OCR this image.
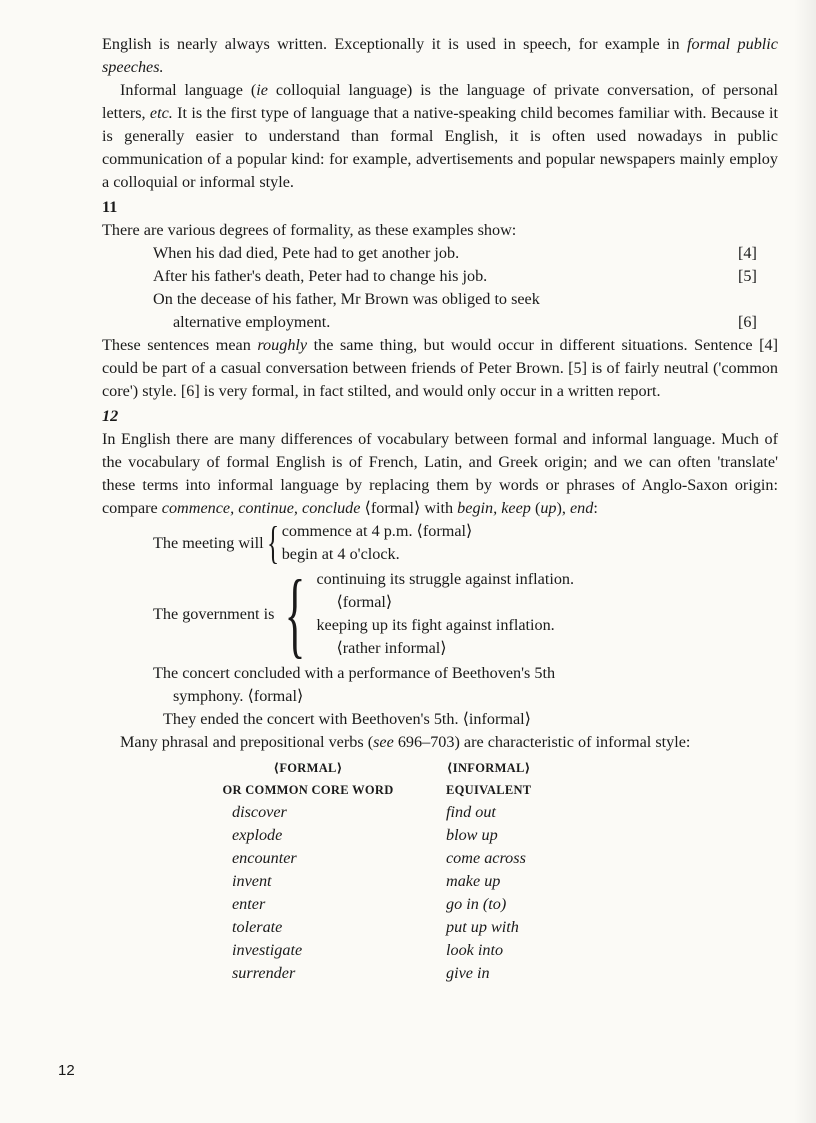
English is nearly always written. Exceptionally it is used in speech, for example in formal public speeches.

Informal language (ie colloquial language) is the language of private conversation, of personal letters, etc. It is the first type of language that a native-speaking child becomes familiar with. Because it is generally easier to understand than formal English, it is often used nowadays in public communication of a popular kind: for example, advertisements and popular newspapers mainly employ a colloquial or informal style.

11

There are various degrees of formality, as these examples show:

When his dad died, Pete had to get another job.	[4]
After his father's death, Peter had to change his job.	[5]
On the decease of his father, Mr Brown was obliged to seek
alternative employment.	[6]

These sentences mean roughly the same thing, but would occur in different situations. Sentence [4] could be part of a casual conversation between friends of Peter Brown. [5] is of fairly neutral ('common core') style. [6] is very formal, in fact stilted, and would only occur in a written report.

12

In English there are many differences of vocabulary between formal and informal language. Much of the vocabulary of formal English is of French, Latin, and Greek origin; and we can often 'translate' these terms into informal language by replacing them by words or phrases of Anglo-Saxon origin: compare commence, continue, conclude ⟨formal⟩ with begin, keep (up), end:

The meeting will { commence at 4 p.m. ⟨formal⟩
begin at 4 o'clock.
The government is { continuing its struggle against inflation.
⟨formal⟩
keeping up its fight against inflation.
⟨rather informal⟩
The concert concluded with a performance of Beethoven's 5th
symphony. ⟨formal⟩
They ended the concert with Beethoven's 5th. ⟨informal⟩

Many phrasal and prepositional verbs (see 696–703) are characteristic of informal style:

⟨FORMAL⟩	⟨INFORMAL⟩
OR COMMON CORE WORD	EQUIVALENT
discover	find out
explode	blow up
encounter	come across
invent	make up
enter	go in (to)
tolerate	put up with
investigate	look into
surrender	give in
12
